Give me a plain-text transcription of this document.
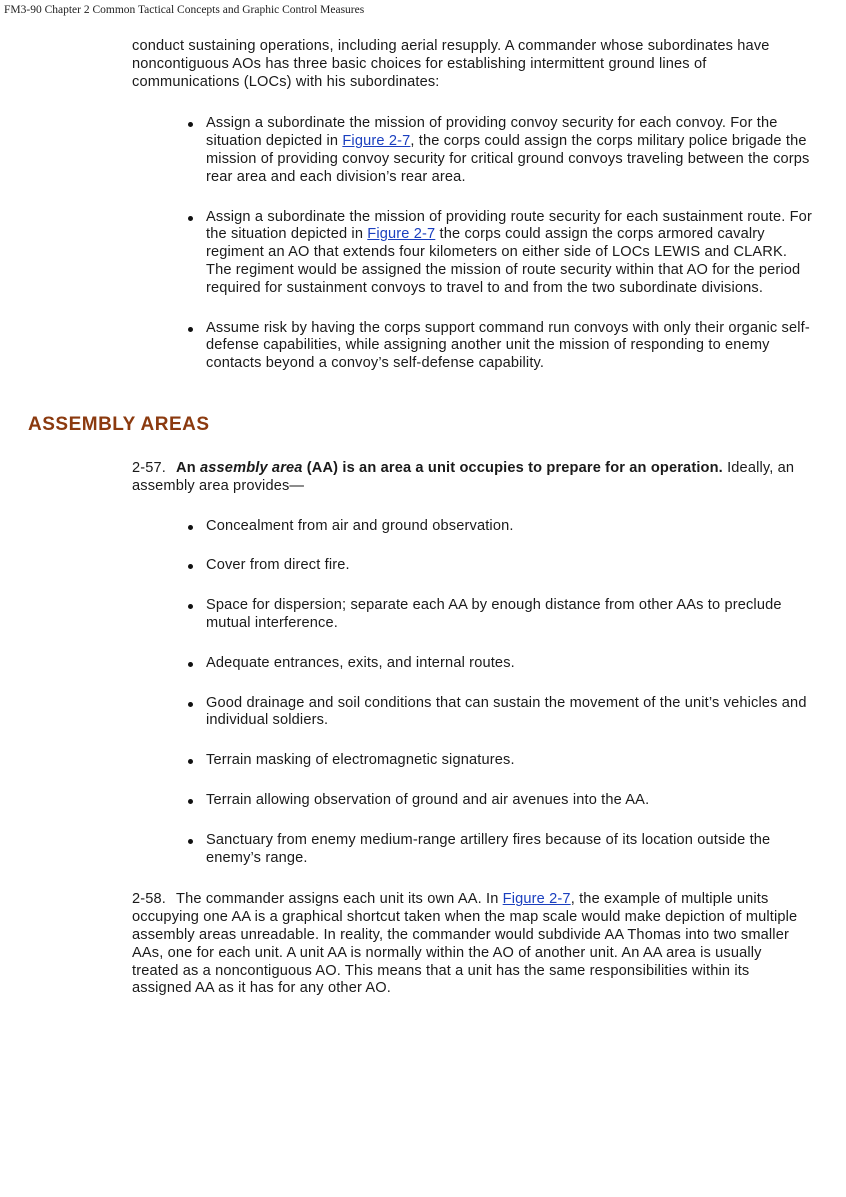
FM3-90 Chapter 2 Common Tactical Concepts and Graphic Control Measures

conduct sustaining operations, including aerial resupply. A commander whose subordinates have noncontiguous AOs has three basic choices for establishing intermittent ground lines of communications (LOCs) with his subordinates:

Assign a subordinate the mission of providing convoy security for each convoy. For the situation depicted in Figure 2-7, the corps could assign the corps military police brigade the mission of providing convoy security for critical ground convoys traveling between the corps rear area and each division’s rear area.
Assign a subordinate the mission of providing route security for each sustainment route. For the situation depicted in Figure 2-7 the corps could assign the corps armored cavalry regiment an AO that extends four kilometers on either side of LOCs LEWIS and CLARK. The regiment would be assigned the mission of route security within that AO for the period required for sustainment convoys to travel to and from the two subordinate divisions.
Assume risk by having the corps support command run convoys with only their organic self-defense capabilities, while assigning another unit the mission of responding to enemy contacts beyond a convoy’s self-defense capability.
ASSEMBLY AREAS

2-57. An assembly area (AA) is an area a unit occupies to prepare for an operation. Ideally, an assembly area provides—

Concealment from air and ground observation.
Cover from direct fire.
Space for dispersion; separate each AA by enough distance from other AAs to preclude mutual interference.
Adequate entrances, exits, and internal routes.
Good drainage and soil conditions that can sustain the movement of the unit’s vehicles and individual soldiers.
Terrain masking of electromagnetic signatures.
Terrain allowing observation of ground and air avenues into the AA.
Sanctuary from enemy medium-range artillery fires because of its location outside the enemy’s range.

2-58. The commander assigns each unit its own AA. In Figure 2-7, the example of multiple units occupying one AA is a graphical shortcut taken when the map scale would make depiction of multiple assembly areas unreadable. In reality, the commander would subdivide AA Thomas into two smaller AAs, one for each unit. A unit AA is normally within the AO of another unit. An AA area is usually treated as a noncontiguous AO. This means that a unit has the same responsibilities within its assigned AA as it has for any other AO.
